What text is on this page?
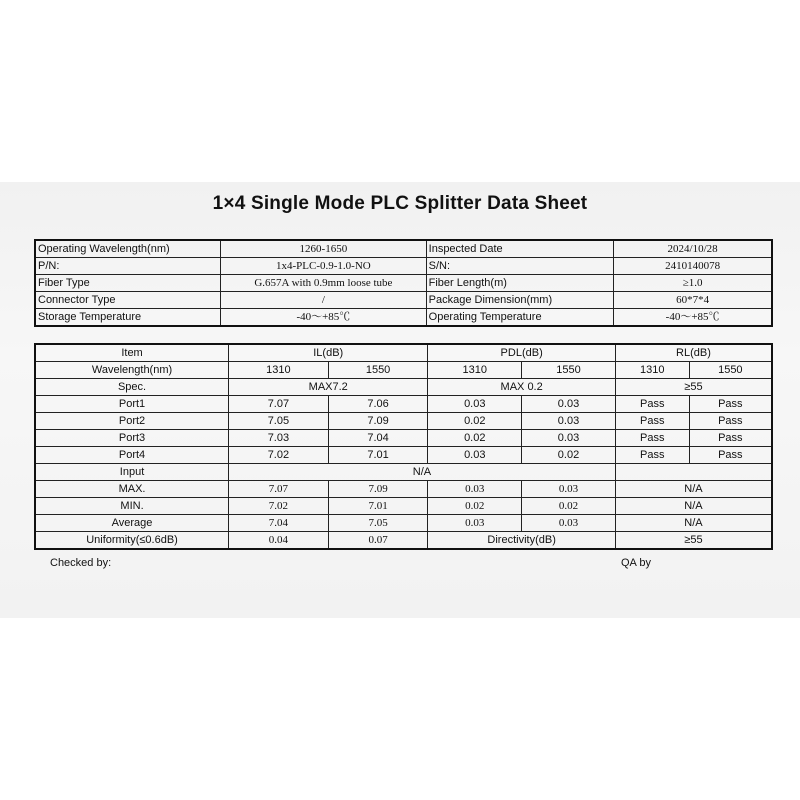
1×4 Single Mode PLC Splitter Data Sheet
Operating Wavelength(nm)	1260-1650	Inspected Date	2024/10/28
P/N:	1x4-PLC-0.9-1.0-NO	S/N:	2410140078
Fiber Type	G.657A with 0.9mm loose tube	Fiber Length(m)	≥1.0
Connector Type	/	Package Dimension(mm)	60*7*4
Storage Temperature	-40～+85℃	Operating Temperature	-40～+85℃
Item	IL(dB)		PDL(dB)		RL(dB)	
Wavelength(nm)	1310	1550	1310	1550	1310	1550
Spec.	MAX7.2		MAX 0.2		≥55	
Port1	7.07	7.06	0.03	0.03	Pass	Pass
Port2	7.05	7.09	0.02	0.03	Pass	Pass
Port3	7.03	7.04	0.02	0.03	Pass	Pass
Port4	7.02	7.01	0.03	0.02	Pass	Pass
Input	N/A					
MAX.	7.07	7.09	0.03	0.03	N/A	
MIN.	7.02	7.01	0.02	0.02	N/A	
Average	7.04	7.05	0.03	0.03	N/A	
Uniformity(≤0.6dB)	0.04	0.07	Directivity(dB)		≥55	
Checked by:	QA by
